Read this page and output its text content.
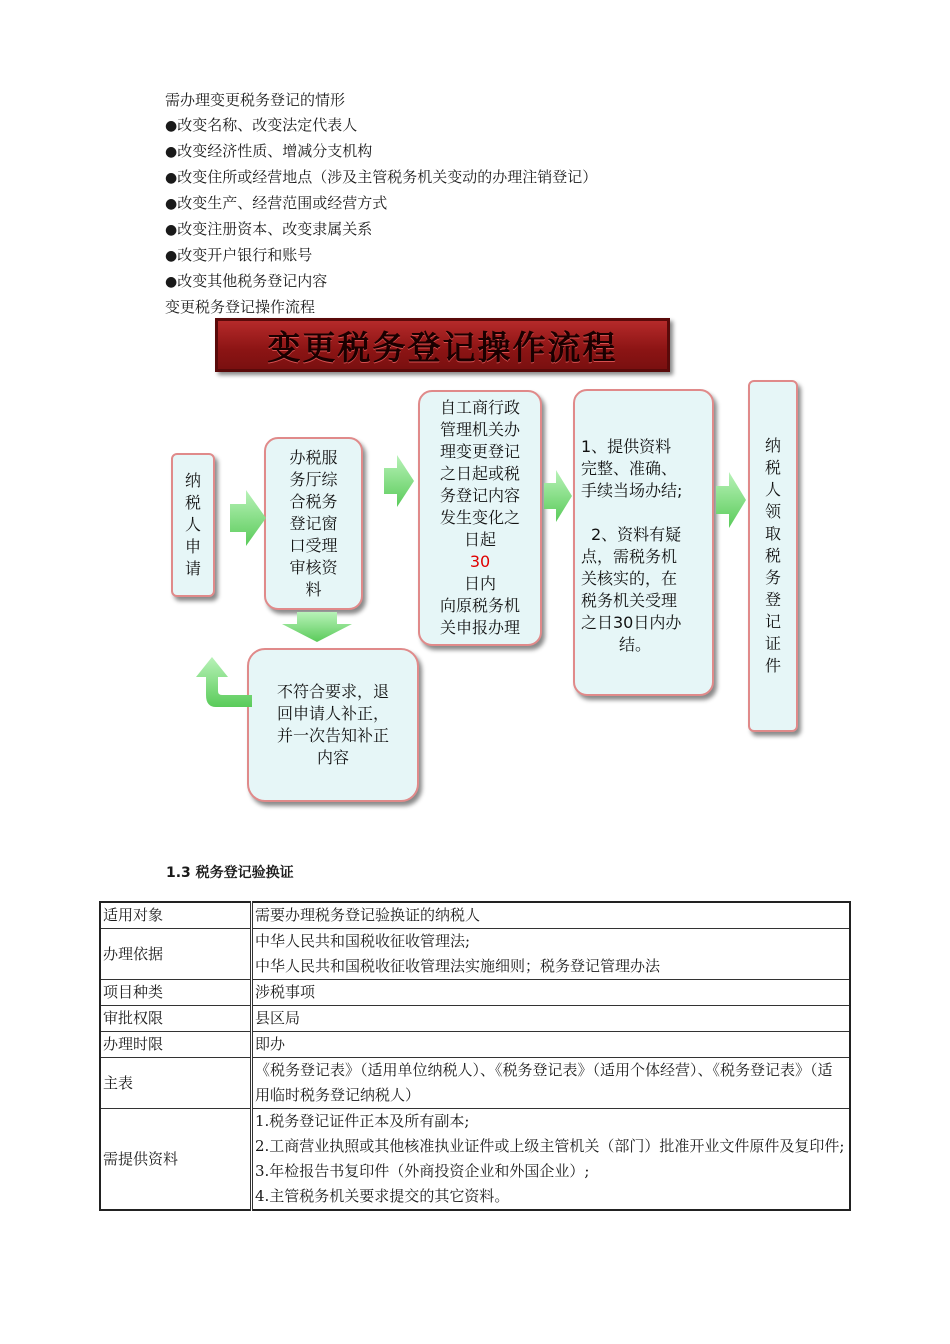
需办理变更税务登记的情形
●改变名称、改变法定代表人
●改变经济性质、增减分支机构
●改变住所或经营地点（涉及主管税务机关变动的办理注销登记）
●改变生产、经营范围或经营方式
●改变注册资本、改变隶属关系
●改变开户银行和账号
●改变其他税务登记内容
变更税务登记操作流程
变更税务登记操作流程
纳
税
人
申
请
办税服
务厅综
合税务
登记窗
口受理
审核资
料
自工商行政
管理机关办
理变更登记
之日起或税
务登记内容
发生变化之
日起
30
日内
向原税务机
关申报办理
1、提供资料
完整、准确、
手续当场办结;
2、资料有疑
点，需税务机
关核实的，在
税务机关受理
之日30日内办
结。
纳
税
人
领
取
税
务
登
记
证
件
不符合要求，退
回申请人补正，
并一次告知补正
内容
1.3 税务登记验换证
适用对象	需要办理税务登记验换证的纳税人

办理依据	中华人民共和国税收征收管理法;
中华人民共和国税收征收管理法实施细则；税务登记管理办法

项目种类	涉税事项

审批权限	县区局

办理时限	即办

主表	《税务登记表》（适用单位纳税人）、《税务登记表》（适用个体经营）、《税务登记表》（适用临时税务登记纳税人）

需提供资料	1.税务登记证件正本及所有副本;
2.工商营业执照或其他核准执业证件或上级主管机关（部门）批准开业文件原件及复印件;
3.年检报告书复印件（外商投资企业和外国企业）;
4.主管税务机关要求提交的其它资料。
